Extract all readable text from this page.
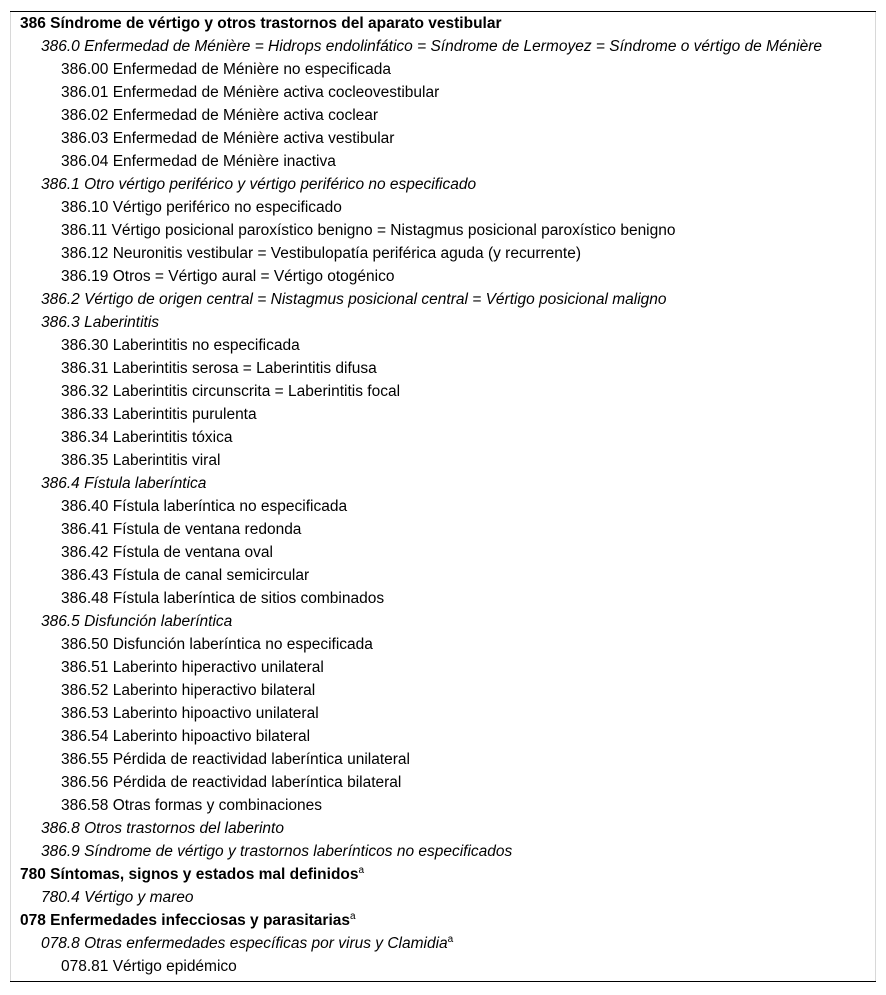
386 Síndrome de vértigo y otros trastornos del aparato vestibular
386.0 Enfermedad de Ménière = Hidrops endolinfático = Síndrome de Lermoyez = Síndrome o vértigo de Ménière
386.00 Enfermedad de Ménière no especificada
386.01 Enfermedad de Ménière activa cocleovestibular
386.02 Enfermedad de Ménière activa coclear
386.03 Enfermedad de Ménière activa vestibular
386.04 Enfermedad de Ménière inactiva
386.1 Otro vértigo periférico y vértigo periférico no especificado
386.10 Vértigo periférico no especificado
386.11 Vértigo posicional paroxístico benigno = Nistagmus posicional paroxístico benigno
386.12 Neuronitis vestibular = Vestibulopatía periférica aguda (y recurrente)
386.19 Otros = Vértigo aural = Vértigo otogénico
386.2 Vértigo de origen central = Nistagmus posicional central = Vértigo posicional maligno
386.3 Laberintitis
386.30 Laberintitis no especificada
386.31 Laberintitis serosa = Laberintitis difusa
386.32 Laberintitis circunscrita = Laberintitis focal
386.33 Laberintitis purulenta
386.34 Laberintitis tóxica
386.35 Laberintitis viral
386.4 Fístula laberíntica
386.40 Fístula laberíntica no especificada
386.41 Fístula de ventana redonda
386.42 Fístula de ventana oval
386.43 Fístula de canal semicircular
386.48 Fístula laberíntica de sitios combinados
386.5 Disfunción laberíntica
386.50 Disfunción laberíntica no especificada
386.51 Laberinto hiperactivo unilateral
386.52 Laberinto hiperactivo bilateral
386.53 Laberinto hipoactivo unilateral
386.54 Laberinto hipoactivo bilateral
386.55 Pérdida de reactividad laberíntica unilateral
386.56 Pérdida de reactividad laberíntica bilateral
386.58 Otras formas y combinaciones
386.8 Otros trastornos del laberinto
386.9 Síndrome de vértigo y trastornos laberínticos no especificados
780 Síntomas, signos y estados mal definidos$^a$
780.4 Vértigo y mareo
078 Enfermedades infecciosas y parasitarias$^a$
078.8 Otras enfermedades específicas por virus y Clamidia$^a$
078.81 Vértigo epidémico
